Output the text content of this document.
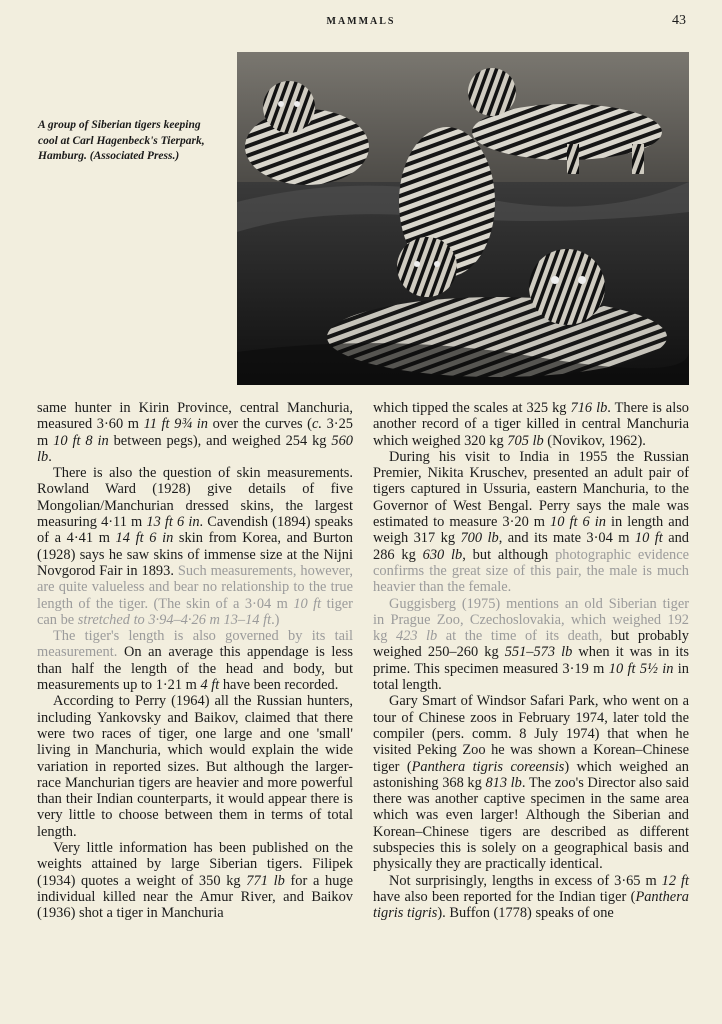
MAMMALS	43
A group of Siberian tigers keeping cool at Carl Hagenbeck's Tierpark, Hamburg. (Associated Press.)

same hunter in Kirin Province, central Manchuria, measured 3·60 m 11 ft 9¾ in over the curves (c. 3·25 m 10 ft 8 in between pegs), and weighed 254 kg 560 lb.

There is also the question of skin measurements. Rowland Ward (1928) give details of five Mongolian/Manchurian dressed skins, the largest measuring 4·11 m 13 ft 6 in. Cavendish (1894) speaks of a 4·41 m 14 ft 6 in skin from Korea, and Burton (1928) says he saw skins of immense size at the Nijni Novgorod Fair in 1893. Such measurements, however, are quite valueless and bear no relationship to the true length of the tiger. (The skin of a 3·04 m 10 ft tiger can be stretched to 3·94–4·26 m 13–14 ft.)

The tiger's length is also governed by its tail measurement. On an average this appendage is less than half the length of the head and body, but measurements up to 1·21 m 4 ft have been recorded.

According to Perry (1964) all the Russian hunters, including Yankovsky and Baikov, claimed that there were two races of tiger, one large and one 'small' living in Manchuria, which would explain the wide variation in reported sizes. But although the larger-race Manchurian tigers are heavier and more powerful than their Indian counterparts, it would appear there is very little to choose between them in terms of total length.

Very little information has been published on the weights attained by large Siberian tigers. Filipek (1934) quotes a weight of 350 kg 771 lb for a huge individual killed near the Amur River, and Baikov (1936) shot a tiger in Manchuria

which tipped the scales at 325 kg 716 lb. There is also another record of a tiger killed in central Manchuria which weighed 320 kg 705 lb (Novikov, 1962).

During his visit to India in 1955 the Russian Premier, Nikita Kruschev, presented an adult pair of tigers captured in Ussuria, eastern Manchuria, to the Governor of West Bengal. Perry says the male was estimated to measure 3·20 m 10 ft 6 in in length and weigh 317 kg 700 lb, and its mate 3·04 m 10 ft and 286 kg 630 lb, but although photographic evidence confirms the great size of this pair, the male is much heavier than the female.

Guggisberg (1975) mentions an old Siberian tiger in Prague Zoo, Czechoslovakia, which weighed 192 kg 423 lb at the time of its death, but probably weighed 250–260 kg 551–573 lb when it was in its prime. This specimen measured 3·19 m 10 ft 5½ in in total length.

Gary Smart of Windsor Safari Park, who went on a tour of Chinese zoos in February 1974, later told the compiler (pers. comm. 8 July 1974) that when he visited Peking Zoo he was shown a Korean–Chinese tiger (Panthera tigris coreensis) which weighed an astonishing 368 kg 813 lb. The zoo's Director also said there was another captive specimen in the same area which was even larger! Although the Siberian and Korean–Chinese tigers are described as different subspecies this is solely on a geographical basis and physically they are practically identical.

Not surprisingly, lengths in excess of 3·65 m 12 ft have also been reported for the Indian tiger (Panthera tigris tigris). Buffon (1778) speaks of one
